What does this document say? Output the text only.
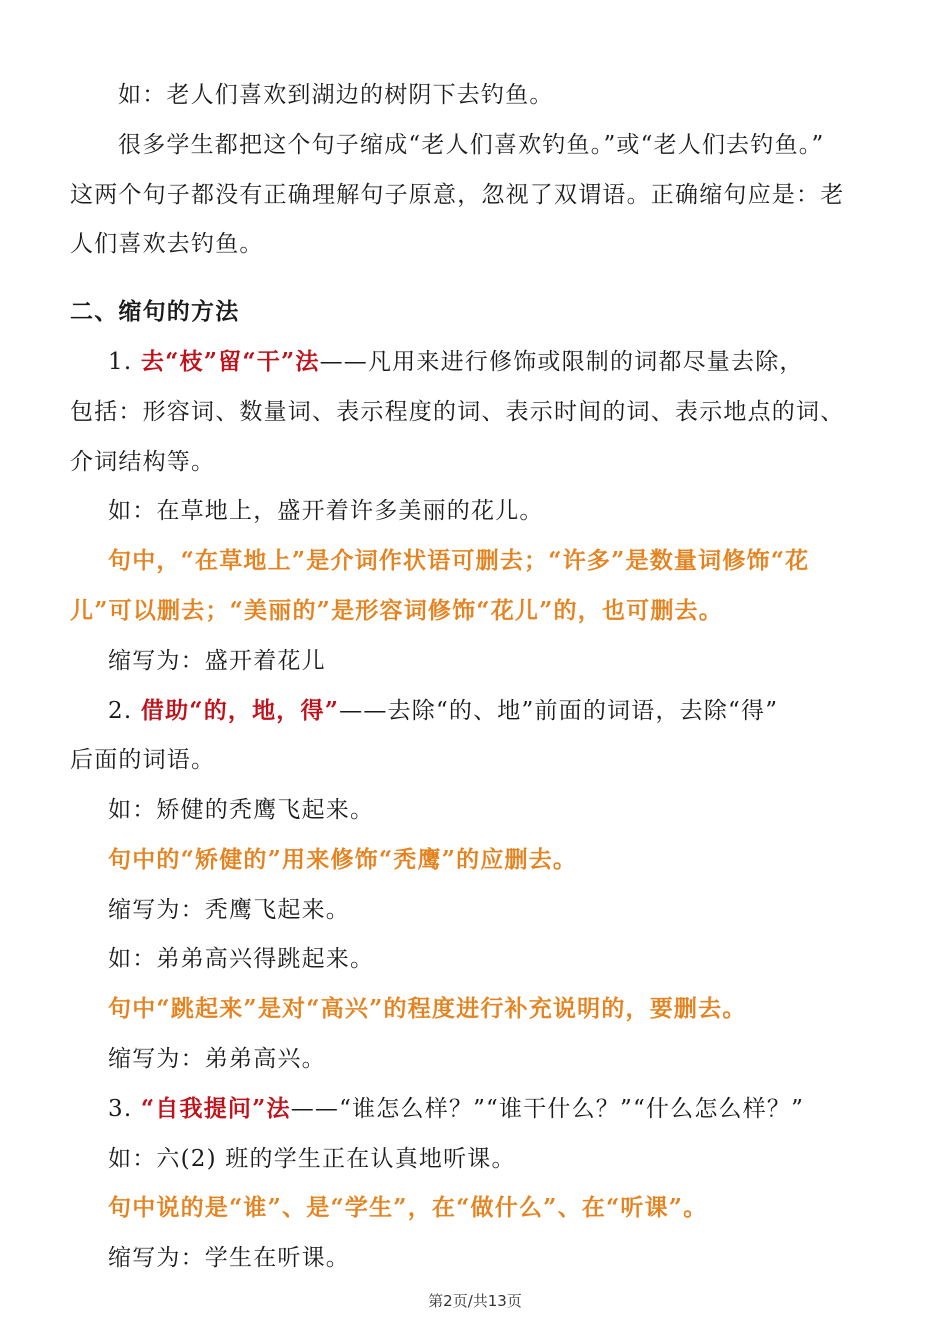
如：老人们喜欢到湖边的树阴下去钓鱼。
很多学生都把这个句子缩成“老人们喜欢钓鱼。”或“老人们去钓鱼。”
这两个句子都没有正确理解句子原意，忽视了双谓语。正确缩句应是：老
人们喜欢去钓鱼。
二、缩句的方法
1. 去“枝”留“干”法——凡用来进行修饰或限制的词都尽量去除，
包括：形容词、数量词、表示程度的词、表示时间的词、表示地点的词、
介词结构等。
如：在草地上，盛开着许多美丽的花儿。
句中，“在草地上”是介词作状语可删去；“许多”是数量词修饰“花
儿”可以删去；“美丽的”是形容词修饰“花儿”的，也可删去。
缩写为：盛开着花儿
2. 借助“的，地，得”——去除“的、地”前面的词语，去除“得”
后面的词语。
如：矫健的秃鹰飞起来。
句中的“矫健的”用来修饰“秃鹰”的应删去。
缩写为：秃鹰飞起来。
如：弟弟高兴得跳起来。
句中“跳起来”是对“高兴”的程度进行补充说明的，要删去。
缩写为：弟弟高兴。
3. “自我提问”法——“谁怎么样？”“谁干什么？”“什么怎么样？”
如：六(2) 班的学生正在认真地听课。
句中说的是“谁”、是“学生”，在“做什么”、在“听课”。
缩写为：学生在听课。
第2页/共13页
